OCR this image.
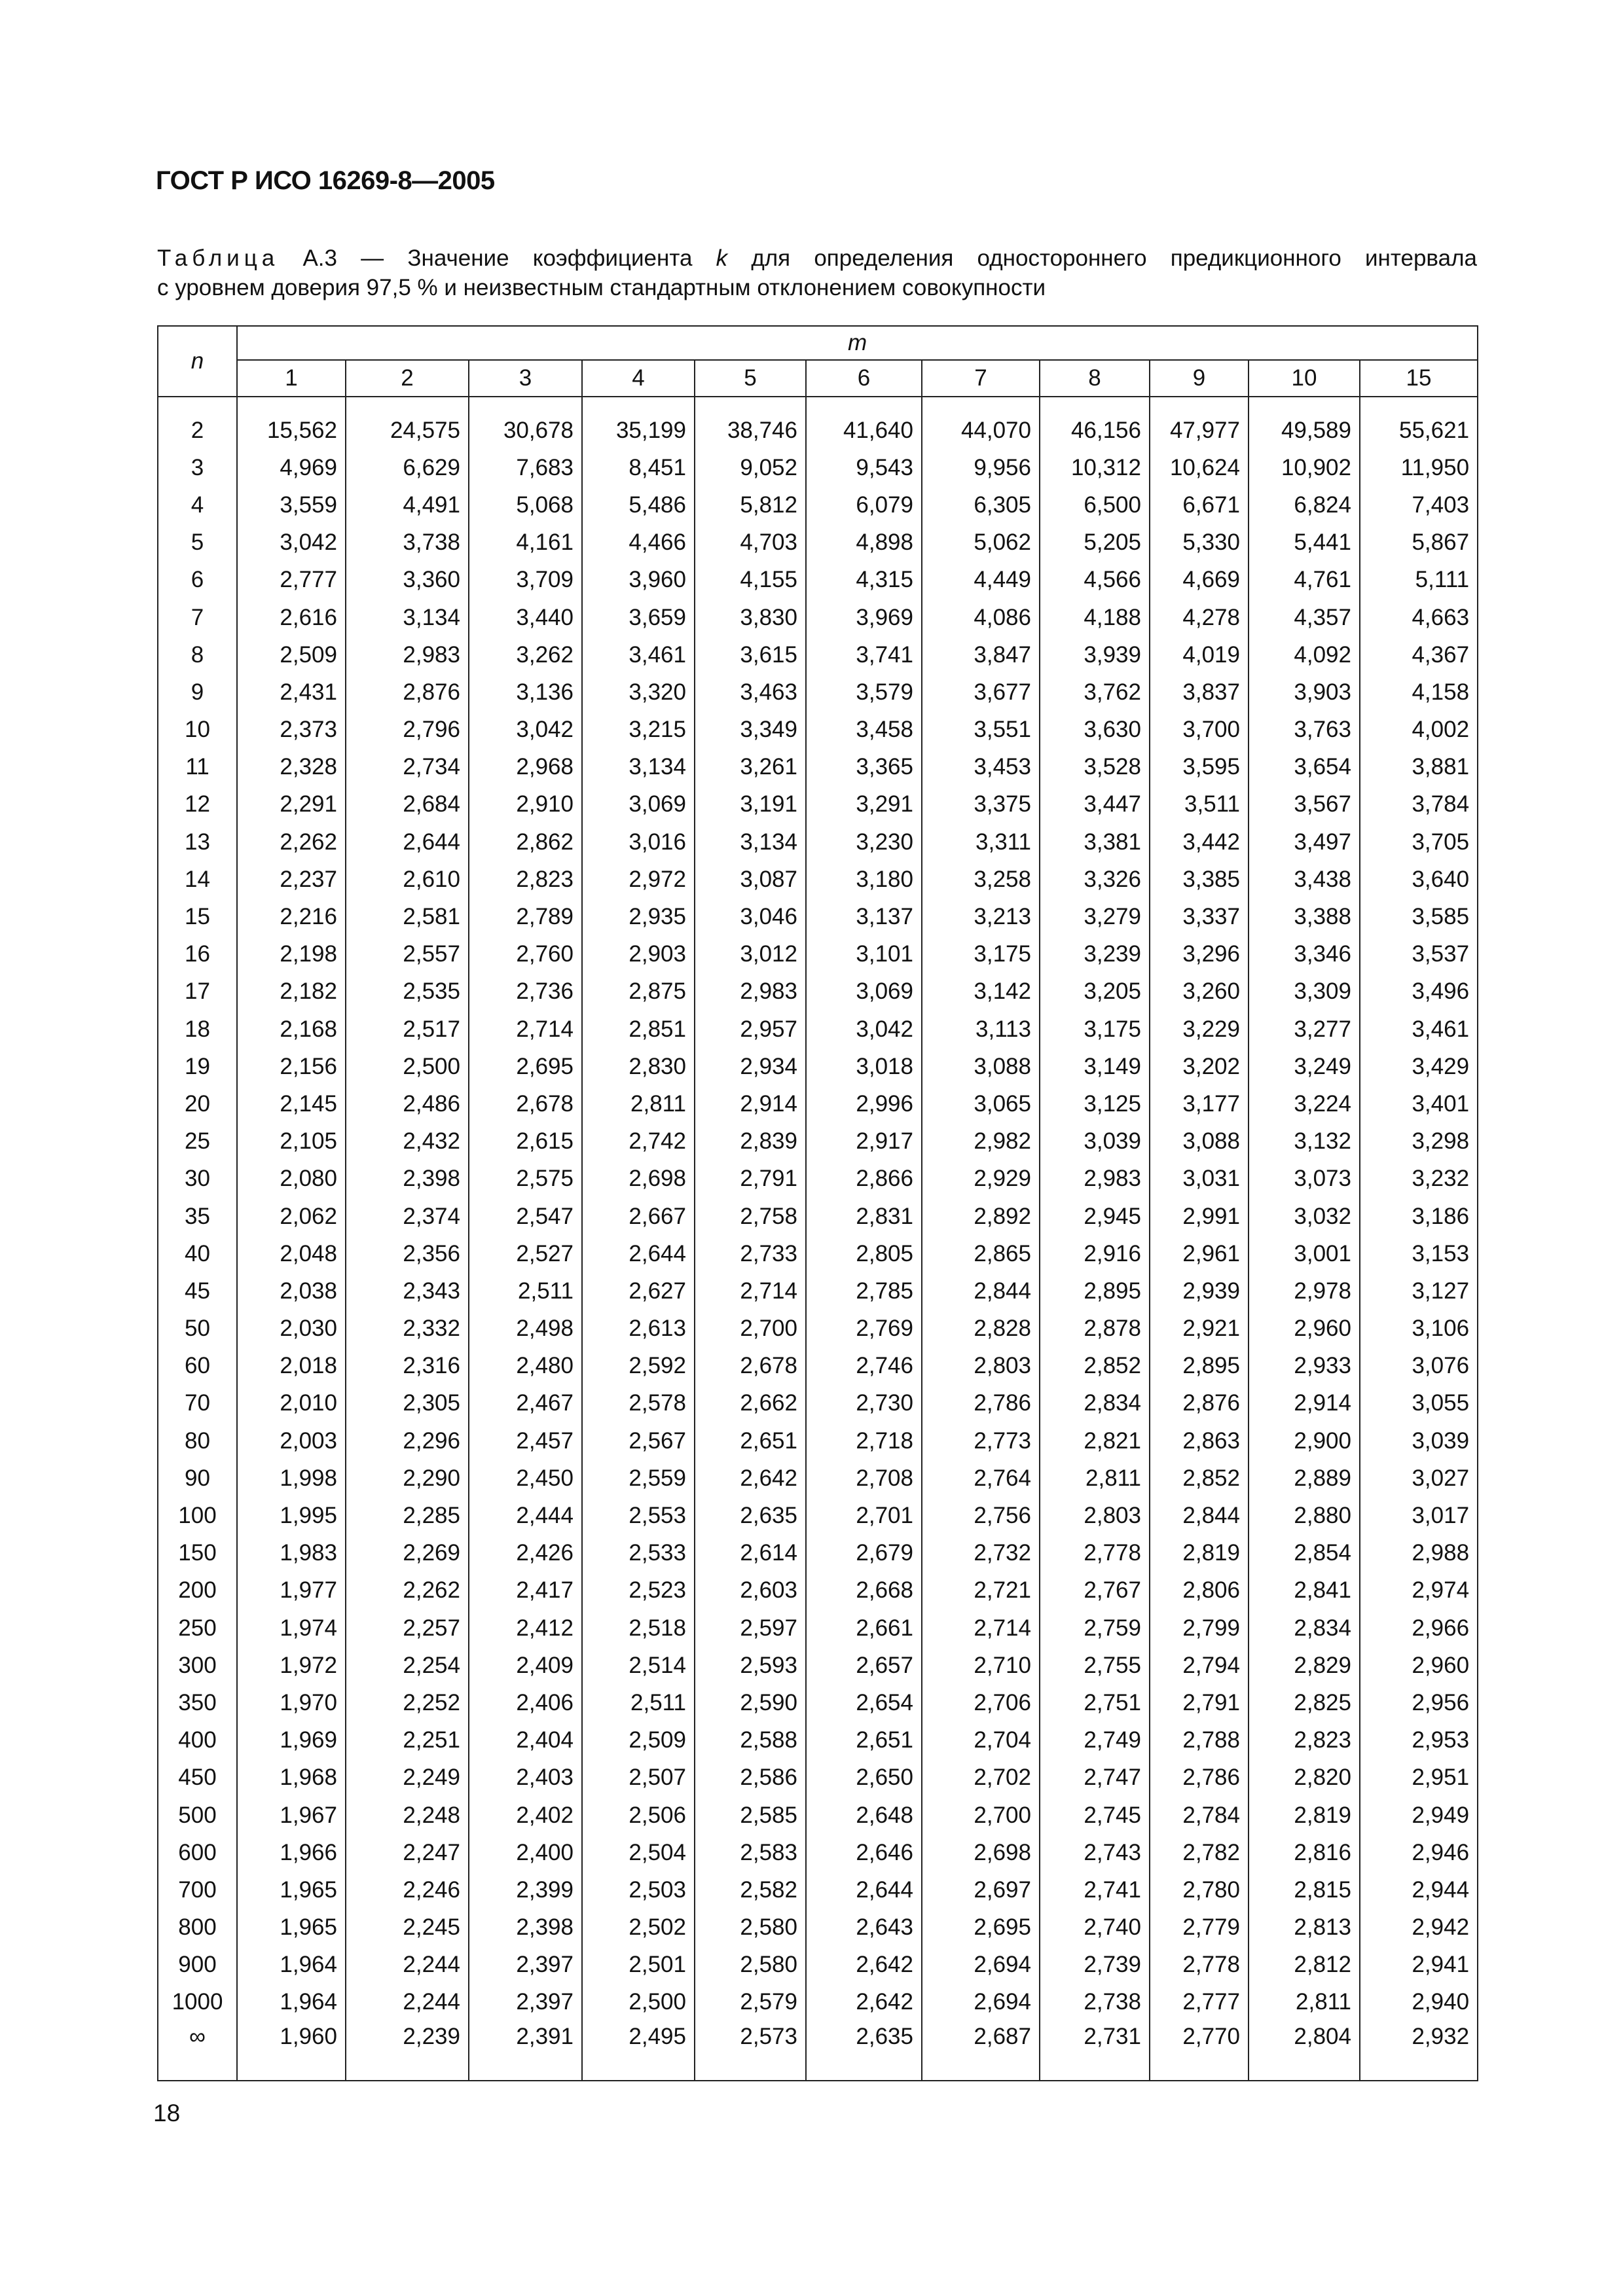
ГОСТ Р ИСО 16269-8—2005
Таблица А.3 — Значение коэффициента k для определения одностороннего предикционного интервала
с уровнем доверия 97,5 % и неизвестным стандартным отклонением совокупности
n	m										
	1	2	3	4	5	6	7	8	9	10	15
2	15,562	24,575	30,678	35,199	38,746	41,640	44,070	46,156	47,977	49,589	55,621
3	4,969	6,629	7,683	8,451	9,052	9,543	9,956	10,312	10,624	10,902	11,950
4	3,559	4,491	5,068	5,486	5,812	6,079	6,305	6,500	6,671	6,824	7,403
5	3,042	3,738	4,161	4,466	4,703	4,898	5,062	5,205	5,330	5,441	5,867
6	2,777	3,360	3,709	3,960	4,155	4,315	4,449	4,566	4,669	4,761	5,111
7	2,616	3,134	3,440	3,659	3,830	3,969	4,086	4,188	4,278	4,357	4,663
8	2,509	2,983	3,262	3,461	3,615	3,741	3,847	3,939	4,019	4,092	4,367
9	2,431	2,876	3,136	3,320	3,463	3,579	3,677	3,762	3,837	3,903	4,158
10	2,373	2,796	3,042	3,215	3,349	3,458	3,551	3,630	3,700	3,763	4,002
11	2,328	2,734	2,968	3,134	3,261	3,365	3,453	3,528	3,595	3,654	3,881
12	2,291	2,684	2,910	3,069	3,191	3,291	3,375	3,447	3,511	3,567	3,784
13	2,262	2,644	2,862	3,016	3,134	3,230	3,311	3,381	3,442	3,497	3,705
14	2,237	2,610	2,823	2,972	3,087	3,180	3,258	3,326	3,385	3,438	3,640
15	2,216	2,581	2,789	2,935	3,046	3,137	3,213	3,279	3,337	3,388	3,585
16	2,198	2,557	2,760	2,903	3,012	3,101	3,175	3,239	3,296	3,346	3,537
17	2,182	2,535	2,736	2,875	2,983	3,069	3,142	3,205	3,260	3,309	3,496
18	2,168	2,517	2,714	2,851	2,957	3,042	3,113	3,175	3,229	3,277	3,461
19	2,156	2,500	2,695	2,830	2,934	3,018	3,088	3,149	3,202	3,249	3,429
20	2,145	2,486	2,678	2,811	2,914	2,996	3,065	3,125	3,177	3,224	3,401
25	2,105	2,432	2,615	2,742	2,839	2,917	2,982	3,039	3,088	3,132	3,298
30	2,080	2,398	2,575	2,698	2,791	2,866	2,929	2,983	3,031	3,073	3,232
35	2,062	2,374	2,547	2,667	2,758	2,831	2,892	2,945	2,991	3,032	3,186
40	2,048	2,356	2,527	2,644	2,733	2,805	2,865	2,916	2,961	3,001	3,153
45	2,038	2,343	2,511	2,627	2,714	2,785	2,844	2,895	2,939	2,978	3,127
50	2,030	2,332	2,498	2,613	2,700	2,769	2,828	2,878	2,921	2,960	3,106
60	2,018	2,316	2,480	2,592	2,678	2,746	2,803	2,852	2,895	2,933	3,076
70	2,010	2,305	2,467	2,578	2,662	2,730	2,786	2,834	2,876	2,914	3,055
80	2,003	2,296	2,457	2,567	2,651	2,718	2,773	2,821	2,863	2,900	3,039
90	1,998	2,290	2,450	2,559	2,642	2,708	2,764	2,811	2,852	2,889	3,027
100	1,995	2,285	2,444	2,553	2,635	2,701	2,756	2,803	2,844	2,880	3,017
150	1,983	2,269	2,426	2,533	2,614	2,679	2,732	2,778	2,819	2,854	2,988
200	1,977	2,262	2,417	2,523	2,603	2,668	2,721	2,767	2,806	2,841	2,974
250	1,974	2,257	2,412	2,518	2,597	2,661	2,714	2,759	2,799	2,834	2,966
300	1,972	2,254	2,409	2,514	2,593	2,657	2,710	2,755	2,794	2,829	2,960
350	1,970	2,252	2,406	2,511	2,590	2,654	2,706	2,751	2,791	2,825	2,956
400	1,969	2,251	2,404	2,509	2,588	2,651	2,704	2,749	2,788	2,823	2,953
450	1,968	2,249	2,403	2,507	2,586	2,650	2,702	2,747	2,786	2,820	2,951
500	1,967	2,248	2,402	2,506	2,585	2,648	2,700	2,745	2,784	2,819	2,949
600	1,966	2,247	2,400	2,504	2,583	2,646	2,698	2,743	2,782	2,816	2,946
700	1,965	2,246	2,399	2,503	2,582	2,644	2,697	2,741	2,780	2,815	2,944
800	1,965	2,245	2,398	2,502	2,580	2,643	2,695	2,740	2,779	2,813	2,942
900	1,964	2,244	2,397	2,501	2,580	2,642	2,694	2,739	2,778	2,812	2,941
1000	1,964	2,244	2,397	2,500	2,579	2,642	2,694	2,738	2,777	2,811	2,940
∞	1,960	2,239	2,391	2,495	2,573	2,635	2,687	2,731	2,770	2,804	2,932
18
